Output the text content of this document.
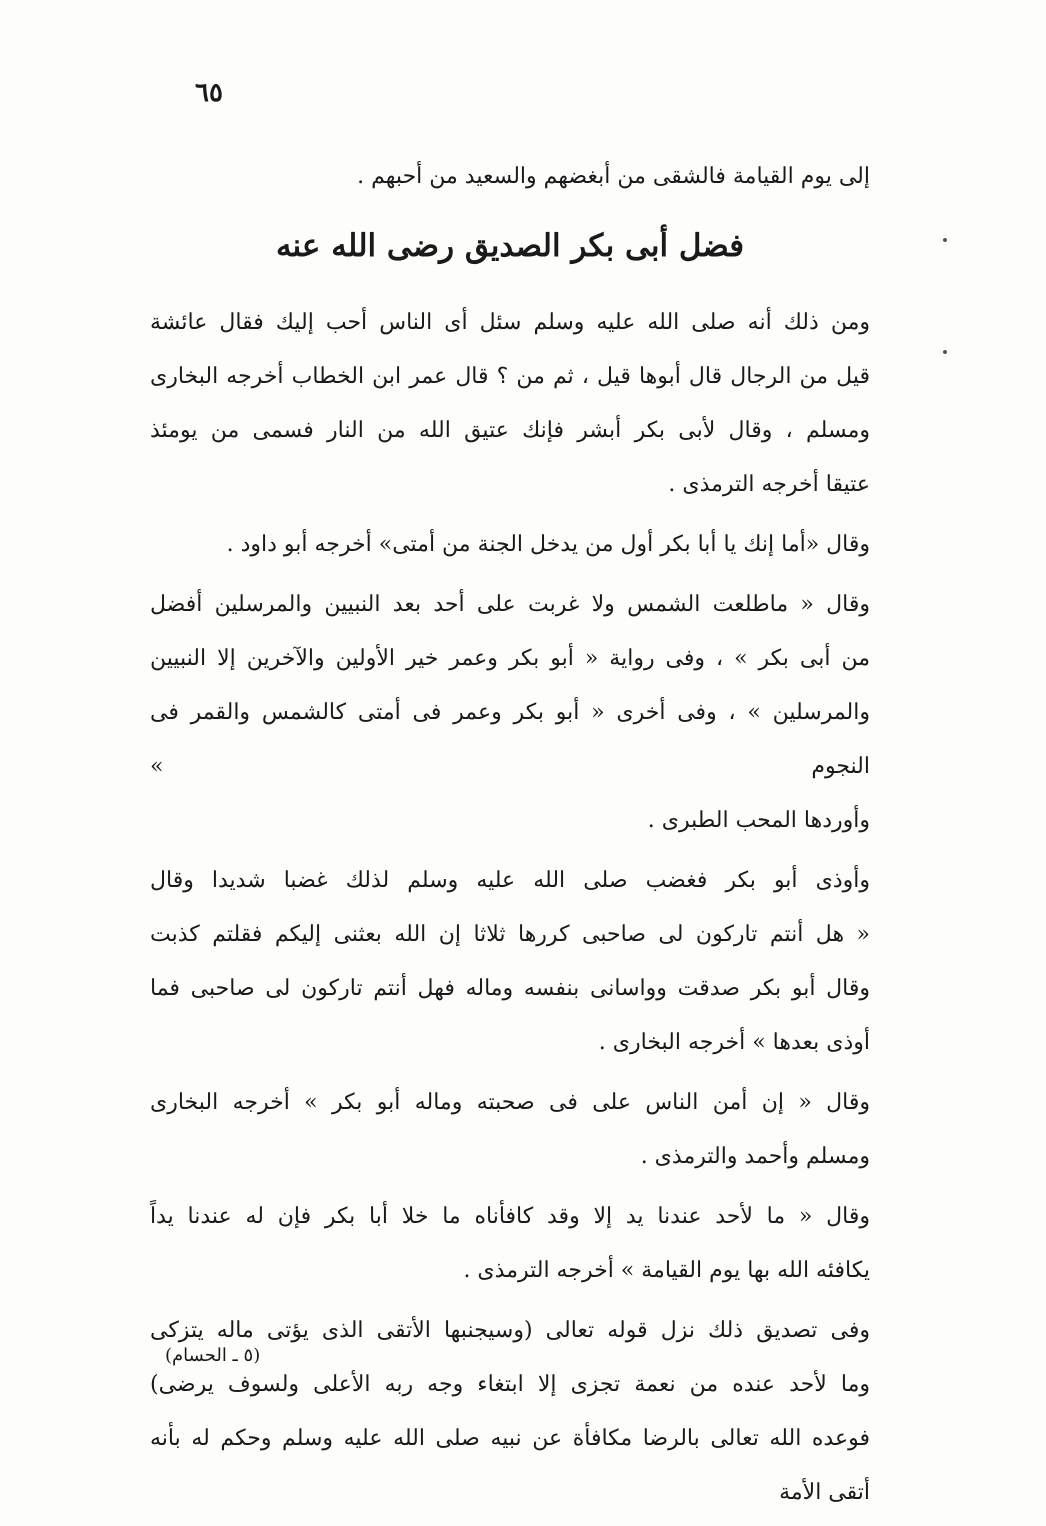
٦٥

إلى يوم القيامة فالشقى من أبغضهم والسعيد من أحبهم .

فضل أبى بكر الصديق رضى الله عنه

ومن ذلك أنه صلى الله عليه وسلم سئل أى الناس أحب إليك فقال عائشة
قيل من الرجال قال أبوها قيل ، ثم من ؟ قال عمر ابن الخطاب أخرجه البخارى
ومسلم ، وقال لأبى بكر أبشر فإنك عتيق الله من النار فسمى من يومئذ
عتيقا أخرجه الترمذى .

وقال «أما إنك يا أبا بكر أول من يدخل الجنة من أمتى» أخرجه أبو داود .

وقال « ماطلعت الشمس ولا غربت على أحد بعد النبيين والمرسلين أفضل
من أبى بكر » ، وفى رواية « أبو بكر وعمر خير الأولين والآخرين إلا النبيين
والمرسلين » ، وفى أخرى « أبو بكر وعمر فى أمتى كالشمس والقمر فى النجوم »
وأوردها المحب الطبرى .

وأوذى أبو بكر فغضب صلى الله عليه وسلم لذلك غضبا شديدا وقال
« هل أنتم تاركون لى صاحبى كررها ثلاثا إن الله بعثنى إليكم فقلتم كذبت
وقال أبو بكر صدقت وواسانى بنفسه وماله فهل أنتم تاركون لى صاحبى فما
أوذى بعدها » أخرجه البخارى .

وقال « إن أمن الناس على فى صحبته وماله أبو بكر » أخرجه البخارى
ومسلم وأحمد والترمذى .

وقال « ما لأحد عندنا يد إلا وقد كافأناه ما خلا أبا بكر فإن له عندنا يداً
يكافئه الله بها يوم القيامة » أخرجه الترمذى .

وفى تصديق ذلك نزل قوله تعالى (وسيجنبها الأتقى الذى يؤتى ماله يتزكى
وما لأحد عنده من نعمة تجزى إلا ابتغاء وجه ربه الأعلى ولسوف يرضى)
فوعده الله تعالى بالرضا مكافأة عن نبيه صلى الله عليه وسلم وحكم له بأنه أتقى الأمة

(٥ ـ الحسام)
